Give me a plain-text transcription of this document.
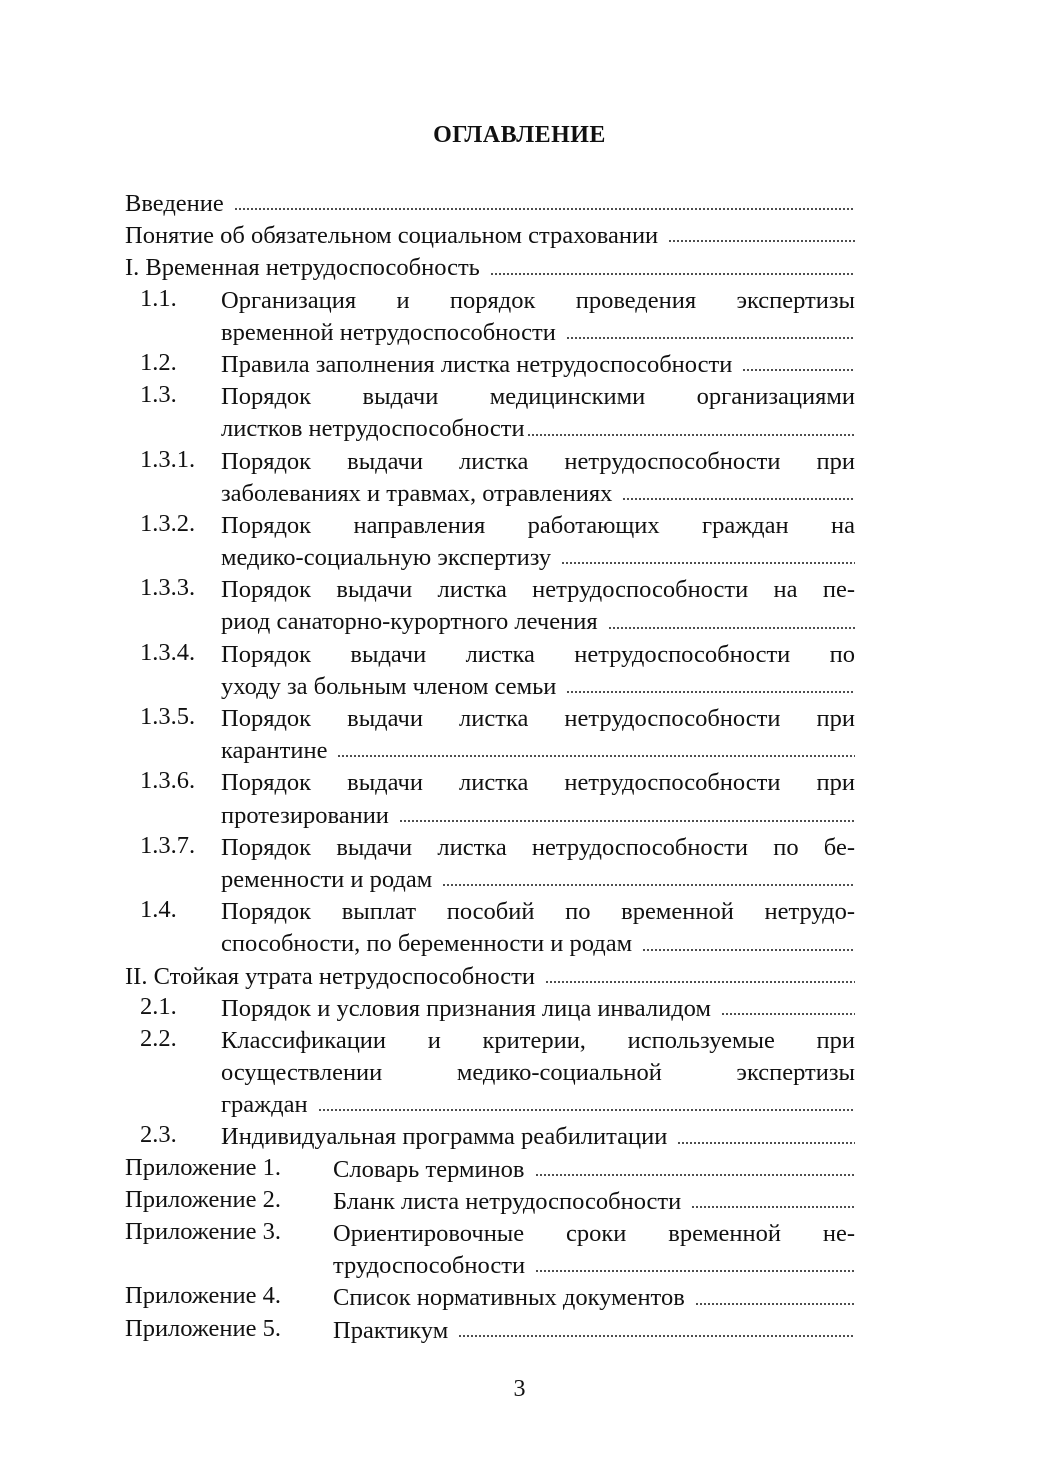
ОГЛАВЛЕНИЕ
Введение
Понятие об обязательном социальном страховании
I. Временная нетрудоспособность
1.1.	Организация и порядок проведения экспертизы
временной нетрудоспособности
1.2.	Правила заполнения листка нетрудоспособности
1.3.	Порядок выдачи медицинскими организациями
листков нетрудоспособности
1.3.1.	Порядок выдачи листка нетрудоспособности при
заболеваниях и травмах, отравлениях
1.3.2.	Порядок направления работающих граждан на
медико-социальную экспертизу
1.3.3.	Порядок выдачи листка нетрудоспособности на пе-
риод санаторно-курортного лечения
1.3.4.	Порядок выдачи листка нетрудоспособности по
уходу за больным членом семьи
1.3.5.	Порядок выдачи листка нетрудоспособности при
карантине
1.3.6.	Порядок выдачи листка нетрудоспособности при
протезировании
1.3.7.	Порядок выдачи листка нетрудоспособности по бе-
ременности и родам
1.4.	Порядок выплат пособий по временной нетрудо-
способности, по беременности и родам
II. Стойкая утрата нетрудоспособности
2.1.	Порядок и условия признания лица инвалидом
2.2.	Классификации и критерии, используемые при
осуществлении медико-социальной экспертизы
граждан
2.3.	Индивидуальная программа реабилитации
Приложение 1.	Словарь терминов
Приложение 2.	Бланк листа нетрудоспособности
Приложение 3.	Ориентировочные сроки временной не-
трудоспособности
Приложение 4.	Список нормативных документов
Приложение 5.	Практикум
3
